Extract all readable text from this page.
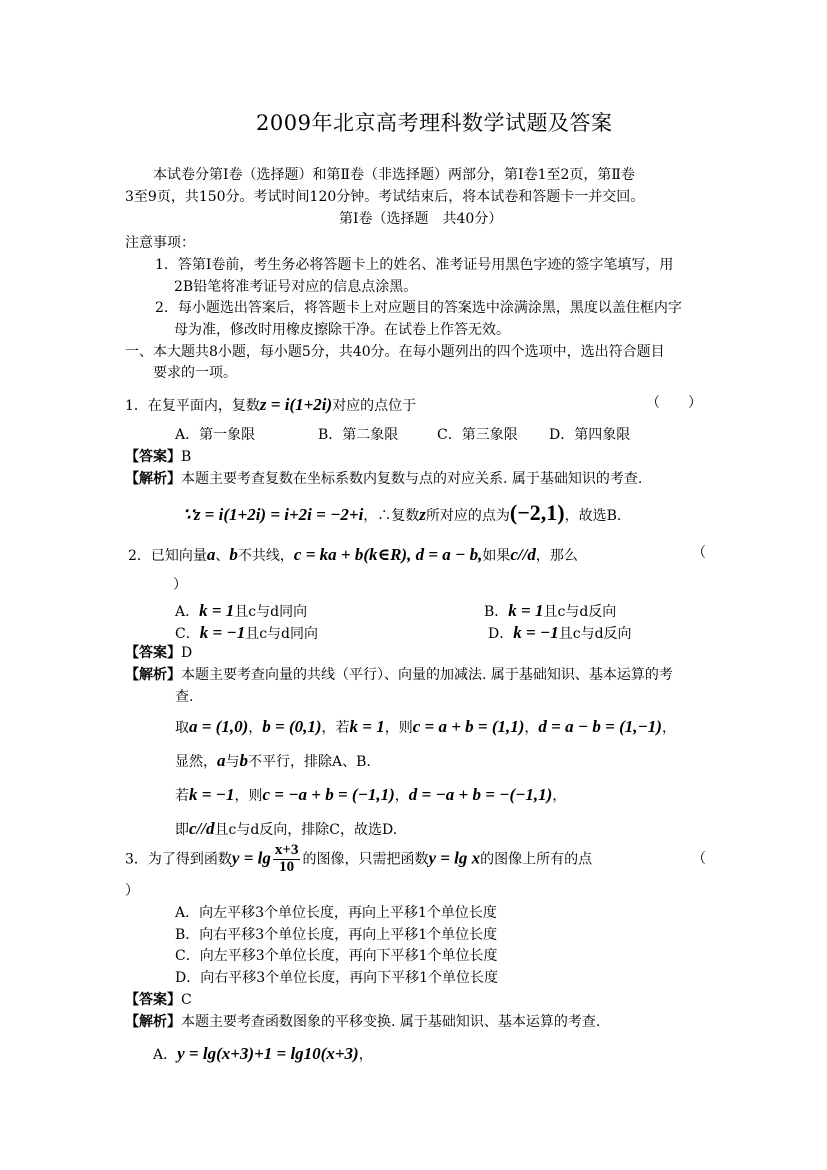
2009年北京高考理科数学试题及答案
本试卷分第Ⅰ卷（选择题）和第Ⅱ卷（非选择题）两部分，第Ⅰ卷1至2页，第Ⅱ卷
3至9页，共150分。考试时间120分钟。考试结束后，将本试卷和答题卡一并交回。
第Ⅰ卷（选择题　共40分）
注意事项：
1．答第Ⅰ卷前，考生务必将答题卡上的姓名、准考证号用黑色字迹的签字笔填写，用
2B铅笔将准考证号对应的信息点涂黑。
2．每小题选出答案后，将答题卡上对应题目的答案选中涂满涂黑，黑度以盖住框内字
母为准，修改时用橡皮擦除干净。在试卷上作答无效。
一、本大题共8小题，每小题5分，共40分。在每小题列出的四个选项中，选出符合题目
要求的一项。
1．在复平面内，复数z = i(1+2i)对应的点位于	（　　）
A．第一象限	B．第二象限	C．第三象限 D．第四象限
【答案】B
【解析】本题主要考查复数在坐标系数内复数与点的对应关系. 属于基础知识的考查.
∵z = i(1+2i) = i+2i = −2+i，∴复数z所对应的点为(−2,1)，故选B.
2．已知向量a、b不共线，c = ka + b(k∈R), d = a − b,如果c//d，那么	（
）
A．k = 1且c与d同向	B．k = 1且c与d反向
C．k = −1且c与d同向	D．k = −1且c与d反向
【答案】D
【解析】本题主要考查向量的共线（平行）、向量的加减法. 属于基础知识、基本运算的考
查.
取a = (1,0)，b = (0,1)，若k = 1，则c = a + b = (1,1)，d = a − b = (1,−1)，
显然，a与b不平行，排除A、B.
若k = −1，则c = −a + b = (−1,1)，d = −a + b = −(−1,1)，
即c//d且c与d反向，排除C，故选D.
3．为了得到函数$y = \lg \frac{x+3}{10}$ 的图像，只需把函数y = lg x的图像上所有的点	（
）
A．向左平移3个单位长度，再向上平移1个单位长度
B．向右平移3个单位长度，再向上平移1个单位长度
C．向左平移3个单位长度，再向下平移1个单位长度
D．向右平移3个单位长度，再向下平移1个单位长度
【答案】C
【解析】本题主要考查函数图象的平移变换. 属于基础知识、基本运算的考查.
A．y = lg(x+3)+1 = lg10(x+3)，
